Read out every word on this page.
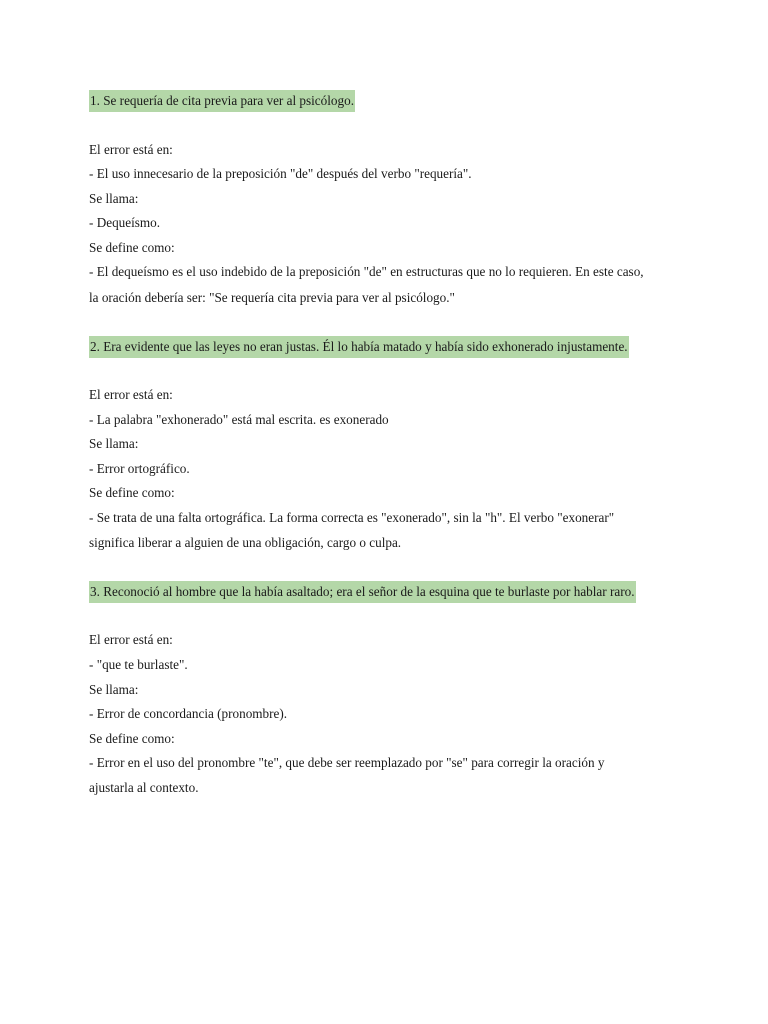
1. Se requería de cita previa para ver al psicólogo.
El error está en:
- El uso innecesario de la preposición "de" después del verbo "requería".
Se llama:
- Dequeísmo.
Se define como:
- El dequeísmo es el uso indebido de la preposición "de" en estructuras que no lo requieren. En este caso,
la oración debería ser: "Se requería cita previa para ver al psicólogo."
2. Era evidente que las leyes no eran justas. Él lo había matado y había sido exhonerado injustamente.
El error está en:
- La palabra "exhonerado" está mal escrita. es exonerado
Se llama:
- Error ortográfico.
Se define como:
- Se trata de una falta ortográfica. La forma correcta es "exonerado", sin la "h". El verbo "exonerar"
significa liberar a alguien de una obligación, cargo o culpa.
3. Reconoció al hombre que la había asaltado; era el señor de la esquina que te burlaste por hablar raro.
El error está en:
- "que te burlaste".
Se llama:
- Error de concordancia (pronombre).
Se define como:
- Error en el uso del pronombre "te", que debe ser reemplazado por "se" para corregir la oración y
ajustarla al contexto.
